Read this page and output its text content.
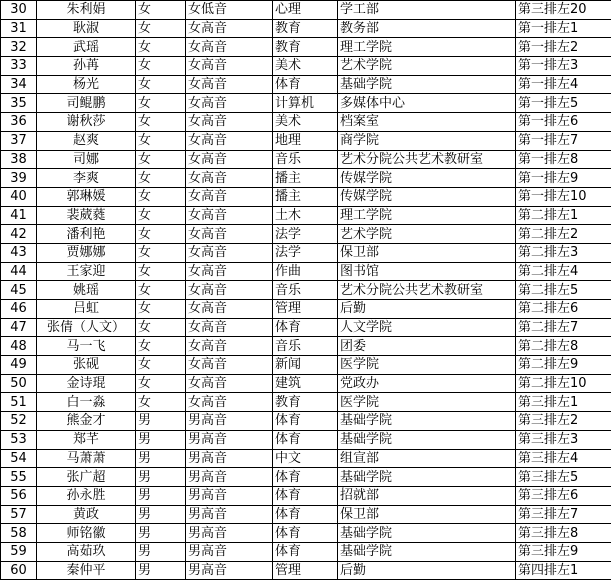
30	朱利娟	女	女低音	心理	学工部	第三排左20
31	耿淑	女	女高音	教育	教务部	第一排左1
32	武瑶	女	女高音	教育	理工学院	第一排左2
33	孙苒	女	女高音	美术	艺术学院	第一排左3
34	杨光	女	女高音	体育	基础学院	第一排左4
35	司鲲鹏	女	女高音	计算机	多媒体中心	第一排左5
36	谢秋莎	女	女高音	美术	档案室	第一排左6
37	赵爽	女	女高音	地理	商学院	第一排左7
38	司娜	女	女高音	音乐	艺术分院公共艺术教研室	第一排左8
39	李爽	女	女高音	播主	传媒学院	第一排左9
40	郭琳媛	女	女高音	播主	传媒学院	第一排左10
41	裴葳蕤	女	女高音	土木	理工学院	第二排左1
42	潘利艳	女	女高音	法学	艺术学院	第二排左2
43	贾娜娜	女	女高音	法学	保卫部	第二排左3
44	王家迎	女	女高音	作曲	图书馆	第二排左4
45	姚瑶	女	女高音	音乐	艺术分院公共艺术教研室	第二排左5
46	吕虹	女	女高音	管理	后勤	第二排左6
47	张倩（人文）	女	女高音	体育	人文学院	第二排左7
48	马一飞	女	女高音	音乐	团委	第二排左8
49	张砚	女	女高音	新闻	医学院	第二排左9
50	金诗琨	女	女高音	建筑	党政办	第二排左10
51	白一淼	女	女高音	教育	医学院	第三排左1
52	熊金才	男	男高音	体育	基础学院	第三排左2
53	郑芊	男	男高音	体育	基础学院	第三排左3
54	马萧萧	男	男高音	中文	组宣部	第三排左4
55	张广超	男	男高音	体育	基础学院	第三排左5
56	孙永胜	男	男高音	体育	招就部	第三排左6
57	黄政	男	男高音	体育	保卫部	第三排左7
58	师铭徽	男	男高音	体育	基础学院	第三排左8
59	高茹玖	男	男高音	体育	基础学院	第三排左9
60	秦仲平	男	男高音	管理	后勤	第四排左1
